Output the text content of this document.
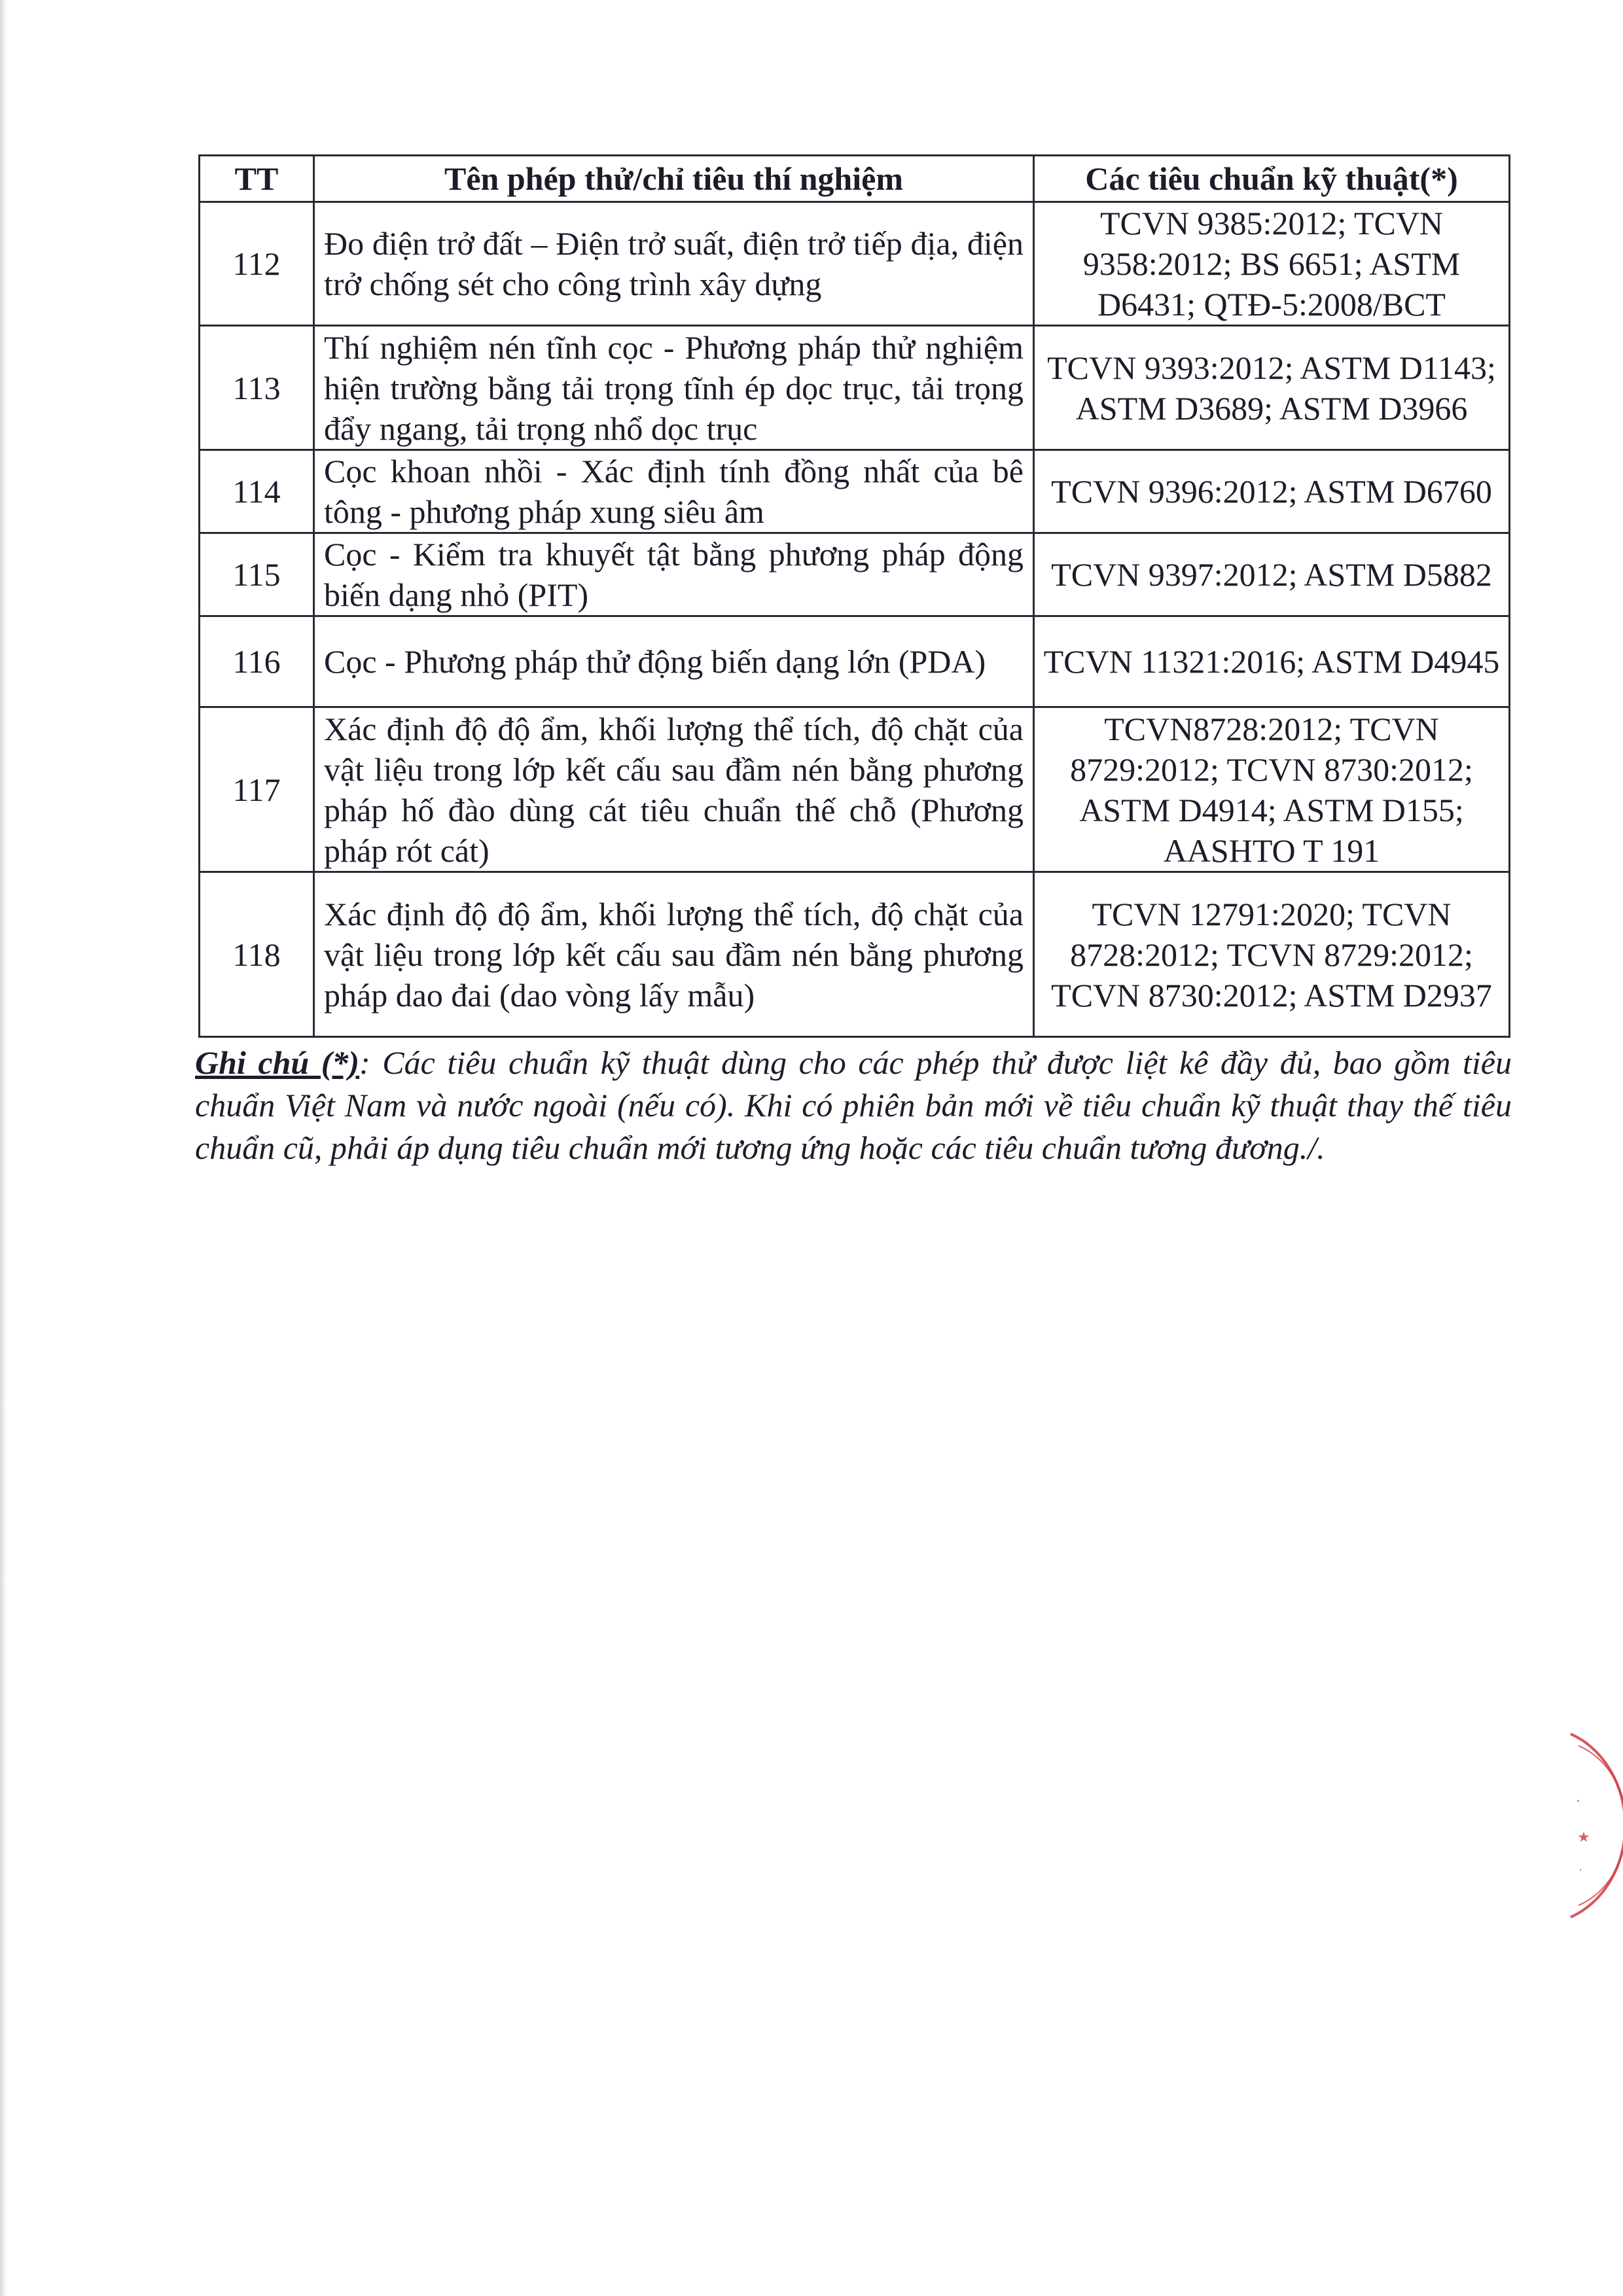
TT	Tên phép thử/chỉ tiêu thí nghiệm	Các tiêu chuẩn kỹ thuật(*)
112	Đo điện trở đất – Điện trở suất, điện trở tiếp địa, điện trở chống sét cho công trình xây dựng	TCVN 9385:2012; TCVN 9358:2012; BS 6651; ASTM D6431; QTĐ-5:2008/BCT
113	Thí nghiệm nén tĩnh cọc - Phương pháp thử nghiệm hiện trường bằng tải trọng tĩnh ép dọc trục, tải trọng đẩy ngang, tải trọng nhổ dọc trục	TCVN 9393:2012; ASTM D1143; ASTM D3689; ASTM D3966
114	Cọc khoan nhồi - Xác định tính đồng nhất của bê tông - phương pháp xung siêu âm	TCVN 9396:2012; ASTM D6760
115	Cọc - Kiểm tra khuyết tật bằng phương pháp động biến dạng nhỏ (PIT)	TCVN 9397:2012; ASTM D5882
116	Cọc - Phương pháp thử động biến dạng lớn (PDA)	TCVN 11321:2016; ASTM D4945
117	Xác định độ độ ẩm, khối lượng thể tích, độ chặt của vật liệu trong lớp kết cấu sau đầm nén bằng phương pháp hố đào dùng cát tiêu chuẩn thế chỗ (Phương pháp rót cát)	TCVN8728:2012; TCVN 8729:2012; TCVN 8730:2012; ASTM D4914; ASTM D155; AASHTO T 191
118	Xác định độ độ ẩm, khối lượng thể tích, độ chặt của vật liệu trong lớp kết cấu sau đầm nén bằng phương pháp dao đai (dao vòng lấy mẫu)	TCVN 12791:2020; TCVN 8728:2012; TCVN 8729:2012; TCVN 8730:2012; ASTM D2937
Ghi chú (*): Các tiêu chuẩn kỹ thuật dùng cho các phép thử được liệt kê đầy đủ, bao gồm tiêu chuẩn Việt Nam và nước ngoài (nếu có). Khi có phiên bản mới về tiêu chuẩn kỹ thuật thay thế tiêu chuẩn cũ, phải áp dụng tiêu chuẩn mới tương ứng hoặc các tiêu chuẩn tương đương./.
·
★
·
